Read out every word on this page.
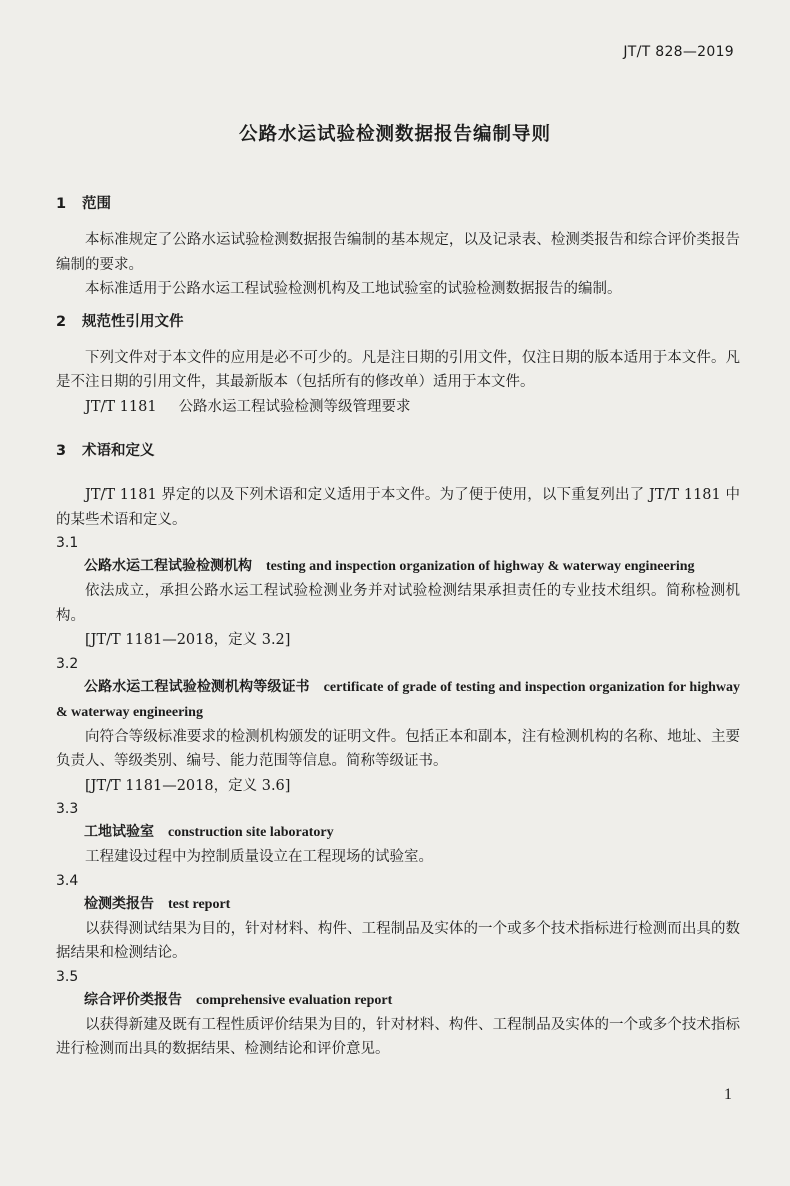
JT/T 828—2019
公路水运试验检测数据报告编制导则
1 范围

本标准规定了公路水运试验检测数据报告编制的基本规定，以及记录表、检测类报告和综合评价类报告编制的要求。

本标准适用于公路水运工程试验检测机构及工地试验室的试验检测数据报告的编制。

2 规范性引用文件

下列文件对于本文件的应用是必不可少的。凡是注日期的引用文件，仅注日期的版本适用于本文件。凡是不注日期的引用文件，其最新版本（包括所有的修改单）适用于本文件。

JT/T 1181 公路水运工程试验检测等级管理要求

3 术语和定义

JT/T 1181 界定的以及下列术语和定义适用于本文件。为了便于使用，以下重复列出了 JT/T 1181 中的某些术语和定义。

3.1

公路水运工程试验检测机构 testing and inspection organization of highway & waterway engineering

依法成立，承担公路水运工程试验检测业务并对试验检测结果承担责任的专业技术组织。简称检测机构。

[JT/T 1181—2018，定义 3.2]

3.2

公路水运工程试验检测机构等级证书 certificate of grade of testing and inspection organization for highway & waterway engineering

向符合等级标准要求的检测机构颁发的证明文件。包括正本和副本，注有检测机构的名称、地址、主要负责人、等级类别、编号、能力范围等信息。简称等级证书。

[JT/T 1181—2018，定义 3.6]

3.3

工地试验室 construction site laboratory

工程建设过程中为控制质量设立在工程现场的试验室。

3.4

检测类报告 test report

以获得测试结果为目的，针对材料、构件、工程制品及实体的一个或多个技术指标进行检测而出具的数据结果和检测结论。

3.5

综合评价类报告 comprehensive evaluation report

以获得新建及既有工程性质评价结果为目的，针对材料、构件、工程制品及实体的一个或多个技术指标进行检测而出具的数据结果、检测结论和评价意见。

1
